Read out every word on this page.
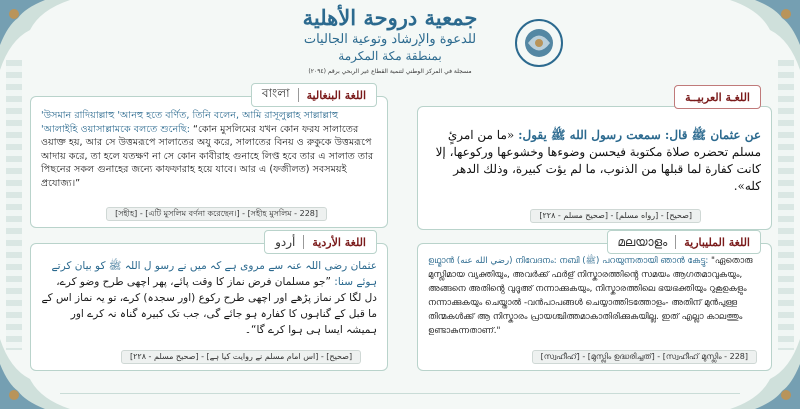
جمعية دروحة الأهلية
للدعوة والإرشاد وتوعية الجاليات
بمنطقة مكة المكرمة
مسجلة في المركز الوطني لتنمية القطاع غير الربحي برقم (٢٠٩٤)
اللغـة العربيــة
عن عثمان ﷺ قال: سمعت رسول الله ﷺ يقول: «ما من امرئٍ مسلم تحضره صلاة مكتوبة فيحسن وضوءها وخشوعها وركوعها، إلا كانت كفارة لما قبلها من الذنوب، ما لم يؤت كبيرة، وذلك الدهر كله».
[صحيح] - [رواه مسلم] - [صحيح مسلم - ٢٢٨]
বাংলা اللغة البنغالية
'উসমান রাদিয়াল্লাহু 'আনহু হতে বর্ণিত, তিনি বলেন, আমি রাসূলুল্লাহ সাল্লাল্লাহু 'আলাইহি ওয়াসাল্লামকে বলতে শুনেছি: “কোন মুসলিমের যখন কোন ফরয সালাতের ওয়াক্ত হয়, আর সে উত্তমরূপে সালাতের অযু করে, সালাতের বিনয় ও রুকুকে উত্তমরূপে আদায় করে, তা হলে যতক্ষণ না সে কোন কাবীরাহ গুনাহে লিপ্ত হবে তার এ সালাত তার পিছনের সকল গুনাহের জন্যে কাফফারাহ হয়ে যাবে। আর এ (ফজীলত) সবসময়ই প্রযোজ্য।”
[সহীহ] - [এটি মুসলিম বর্ণনা করেছেন।] - [সহীহ মুসলিম - 228]
أردو اللغة الأردية
عثمان رضی اللہ عنہ سے مروی ہے کہ میں نے رسو ل اللہ ﷺ کو بیان کرتے ہوئے سنا: ”جو مسلمان فرض نماز کا وقت پائے، پھر اچھی طرح وضو کرے، دل لگا کر نماز پڑھے اور اچھی طرح رکوع (اور سجدہ) کرے، تو یہ نماز اس کے ما قبل کے گناہوں کا کفارہ ہو جائے گی، جب تک کبیرہ گناہ نہ کرے اور ہمیشہ ایسا ہی ہوا کرے گا“۔
[صحیح] - [اس امام مسلم نے روایت کیا ہے] - [صحيح مسلم - ۲۲۸]
മലയാളം اللغة المليبارية
ഉഥ്മാൻ (رضي الله عنه) നിവേദനം: നബി (ﷺ) പറയുന്നതായി ഞാൻ കേട്ടു: "ഏതൊരു മുസ്ലിമായ വ്യക്തിയും, അവർക്ക് ഫർള് നിസ്കാരത്തിൻ്റെ സമയം ആഗതമാവുകയും, അങ്ങനെ അതിൻ്റെ വുദൂഅ് നന്നാക്കുകയും, നിസ്കാരത്തിലെ ഭയഭക്തിയും റുകൂഉകളും നന്നാക്കുകയും ചെയ്താൽ -വൻപാപങ്ങൾ ചെയ്യാത്തിടത്തോളം- അതിന് മുൻപുള്ള തിന്മകൾക്ക് ആ നിസ്കാരം പ്രായശ്ചിത്തമാകാതിരിക്കുകയില്ല. ഇത് എല്ലാ കാലത്തും ഉണ്ടാകുന്നതാണ്."
[സ്വഹീഹ്] - [മുസ്ലിം ഉദ്ധരിച്ചത്] - [സ്വഹീഹ് മുസ്ലിം - 228]
